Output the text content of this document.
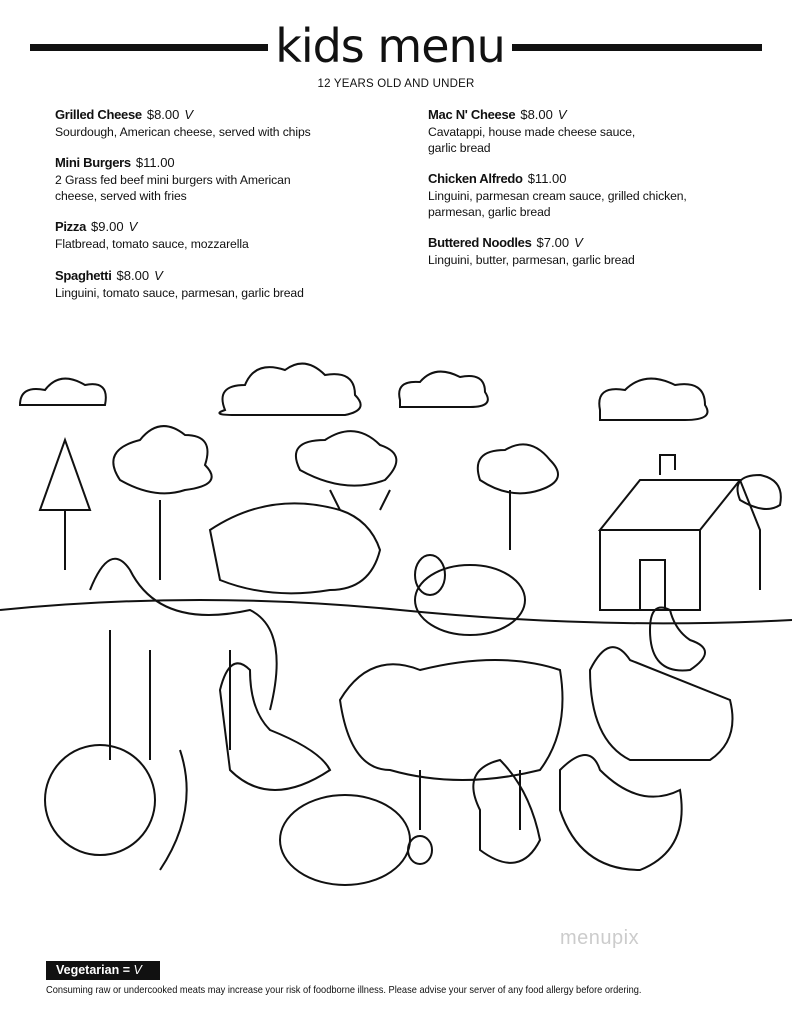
kids menu
12 YEARS OLD AND UNDER
Grilled Cheese $8.00 V
Sourdough, American cheese, served with chips
Mini Burgers $11.00
2 Grass fed beef mini burgers with American
cheese, served with fries
Pizza $9.00 V
Flatbread, tomato sauce, mozzarella
Spaghetti $8.00 V
Linguini, tomato sauce, parmesan, garlic bread
Mac N' Cheese $8.00 V
Cavatappi, house made cheese sauce,
garlic bread
Chicken Alfredo $11.00
Linguini, parmesan cream sauce, grilled chicken,
parmesan, garlic bread
Buttered Noodles $7.00 V
Linguini, butter, parmesan, garlic bread
menupix
Vegetarian = V
Consuming raw or undercooked meats may increase your risk of foodborne illness. Please advise your server of any food allergy before ordering.
